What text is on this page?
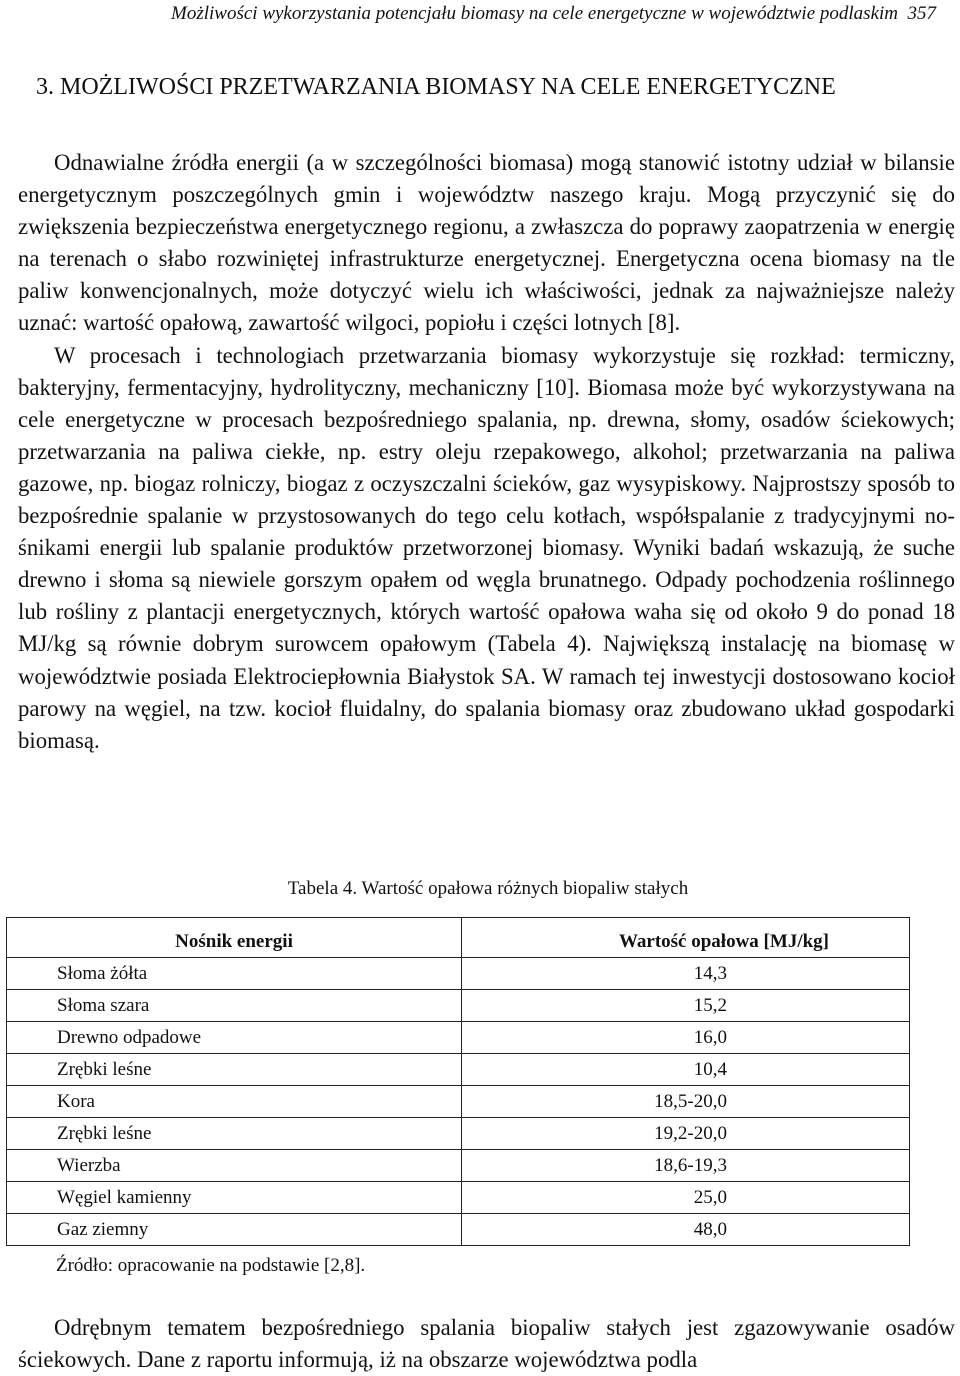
Możliwości wykorzystania potencjału biomasy na cele energetyczne w województwie podlaskim 357
3. MOŻLIWOŚCI PRZETWARZANIA BIOMASY NA CELE ENERGETYCZNE

Odnawialne źródła energii (a w szczególności biomasa) mogą stanowić istotny udział w bilansie energetycznym poszczególnych gmin i województw naszego kraju. Mogą przyczynić się do zwiększenia bezpieczeństwa energetycznego regionu, a zwłaszcza do poprawy zaopatrzenia w energię na terenach o słabo rozwiniętej infrastrukturze energetycznej. Energetyczna ocena biomasy na tle paliw konwencjonalnych, może dotyczyć wielu ich właściwości, jednak za najważniejsze należy uznać: wartość opałową, zawartość wilgoci, popiołu i części lotnych [8].

W procesach i technologiach przetwarzania biomasy wykorzystuje się rozkład: termiczny, bakteryjny, fermentacyjny, hydrolityczny, mechaniczny [10]. Biomasa może być wykorzystywana na cele energetyczne w procesach bezpośredniego spalania, np. drewna, słomy, osadów ściekowych; przetwarzania na paliwa ciekłe, np. estry oleju rzepakowego, alkohol; przetwarzania na paliwa gazowe, np. biogaz rolniczy, biogaz z oczyszczalni ścieków, gaz wysypiskowy. Najprostszy sposób to bezpośrednie spalanie w przystosowanych do tego celu kotłach, współspalanie z tradycyjnymi nośnikami energii lub spalanie produktów przetworzonej biomasy. Wyniki badań wskazują, że suche drewno i słoma są niewiele gorszym opałem od węgla brunatnego. Odpady pochodzenia roślinnego lub rośliny z plantacji energetycznych, których wartość opałowa waha się od około 9 do ponad 18 MJ/kg są równie dobrym surowcem opałowym (Tabela 4). Największą instalację na biomasę w województwie posiada Elektrociepłownia Białystok SA. W ramach tej inwestycji dostosowano kocioł parowy na węgiel, na tzw. kocioł fluidalny, do spalania biomasy oraz zbudowano układ gospodarki biomasą.

Tabela 4. Wartość opałowa różnych biopaliw stałych
Nośnik energii	Wartość opałowa [MJ/kg]
Słoma żółta	14,3
Słoma szara	15,2
Drewno odpadowe	16,0
Zrębki leśne	10,4
Kora	18,5-20,0
Zrębki leśne	19,2-20,0
Wierzba	18,6-19,3
Węgiel kamienny	25,0
Gaz ziemny	48,0
Źródło: opracowanie na podstawie [2,8].

Odrębnym tematem bezpośredniego spalania biopaliw stałych jest zgazowywanie osadów ściekowych. Dane z raportu informują, iż na obszarze województwa podla
